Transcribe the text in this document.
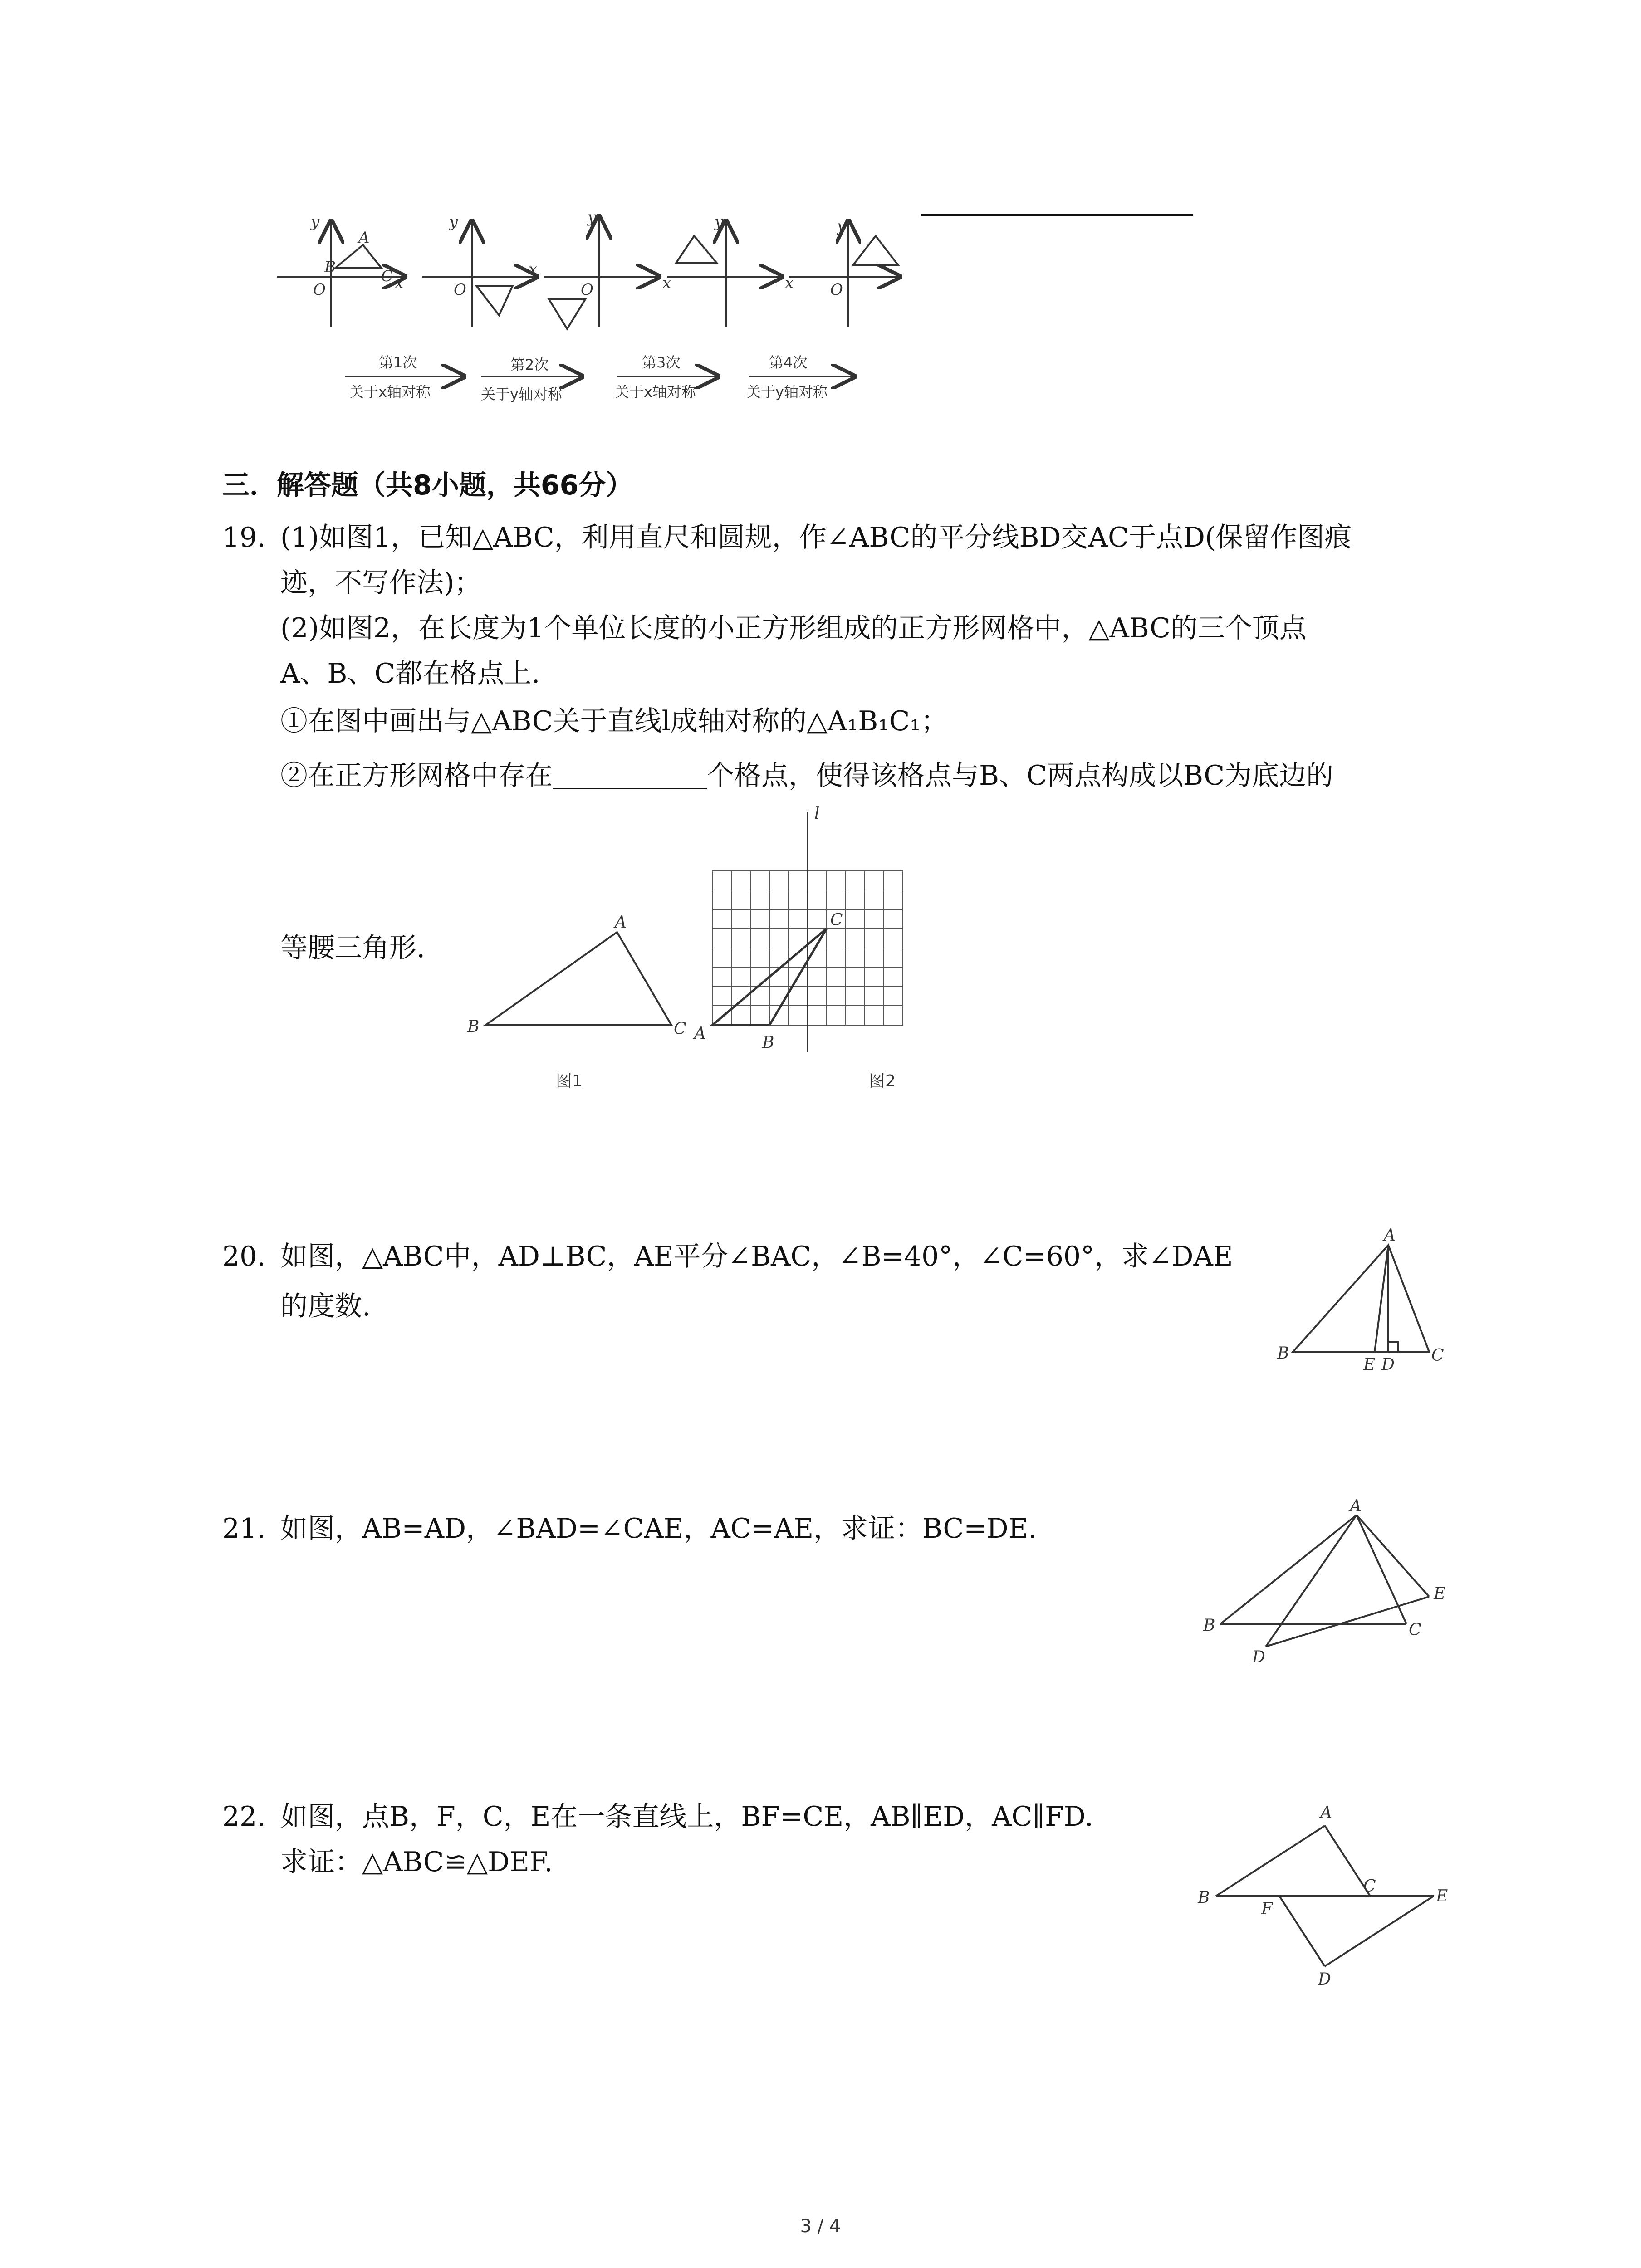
y
x
O
A
B	C
y
x
O
y
x
O
y
x
y
O
第1次
关于x轴对称
第2次
关于y轴对称
第3次
关于x轴对称
第4次
关于y轴对称
三．解答题（共8小题，共66分）
19. (1)如图1，已知△ABC，利用直尺和圆规，作∠ABC的平分线BD交AC于点D(保留作图痕
迹，不写作法)；
(2)如图2，在长度为1个单位长度的小正方形组成的正方形网格中，△ABC的三个顶点
A、B、C都在格点上.
①在图中画出与△ABC关于直线l成轴对称的△A₁B₁C₁；
②在正方形网格中存在	个格点，使得该格点与B、C两点构成以BC为底边的
等腰三角形.
A
B	C
图1
l
A	B
C
图2
20. 如图，△ABC中，AD⊥BC，AE平分∠BAC，∠B=40°，∠C=60°，求∠DAE
的度数.
A
B	C
D
E
21. 如图，AB=AD，∠BAD=∠CAE，AC=AE，求证：BC=DE.
A
B	C
D
E
22. 如图，点B，F，C，E在一条直线上，BF=CE，AB∥ED，AC∥FD.
求证：△ABC≌△DEF.
A
B
C
D
E
F
3 / 4
